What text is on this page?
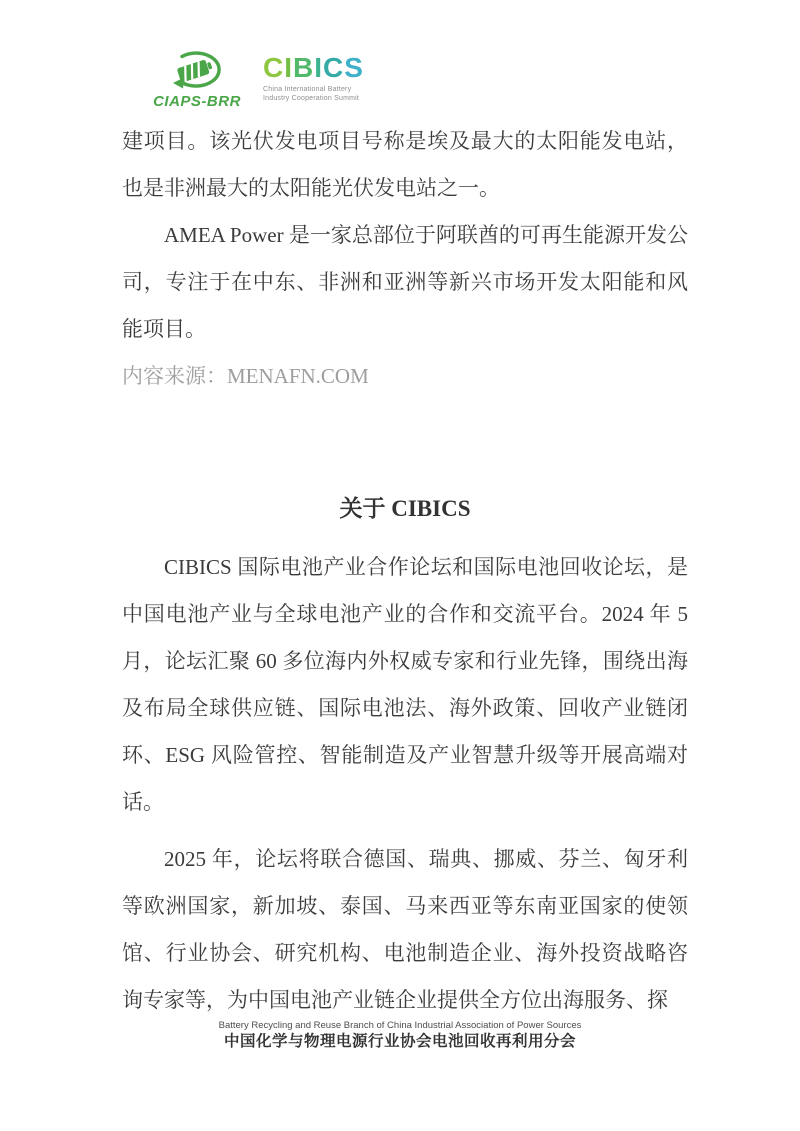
CIAPS-BRR
CIBICS
China International Battery
Industry Cooperation Summit

建项目。该光伏发电项目号称是埃及最大的太阳能发电站，也是非洲最大的太阳能光伏发电站之一。

AMEA Power 是一家总部位于阿联酋的可再生能源开发公司，专注于在中东、非洲和亚洲等新兴市场开发太阳能和风能项目。

内容来源：MENAFN.COM

关于 CIBICS

CIBICS 国际电池产业合作论坛和国际电池回收论坛，是中国电池产业与全球电池产业的合作和交流平台。2024 年 5 月，论坛汇聚 60 多位海内外权威专家和行业先锋，围绕出海及布局全球供应链、国际电池法、海外政策、回收产业链闭环、ESG 风险管控、智能制造及产业智慧升级等开展高端对话。

2025 年，论坛将联合德国、瑞典、挪威、芬兰、匈牙利等欧洲国家，新加坡、泰国、马来西亚等东南亚国家的使领馆、行业协会、研究机构、电池制造企业、海外投资战略咨询专家等，为中国电池产业链企业提供全方位出海服务、探

Battery Recycling and Reuse Branch of China Industrial Association of Power Sources
中国化学与物理电源行业协会电池回收再利用分会
